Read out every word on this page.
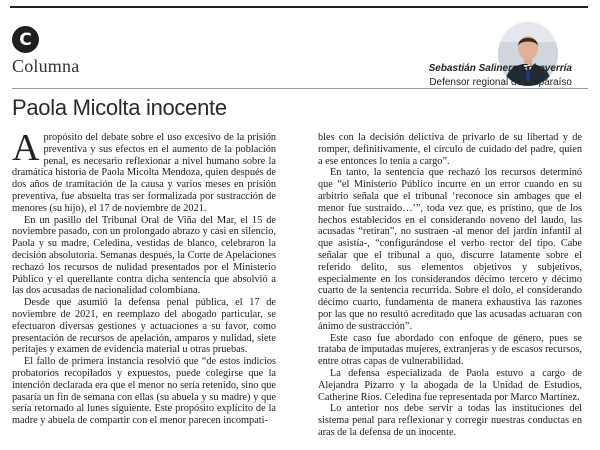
C
Columna	Sebastián Salinero Echeverría
Defensor regional de Valparaíso
Paola Micolta inocente

Apropósito del debate sobre el uso excesivo de la prisión preventiva y sus efectos en el aumento de la población penal, es necesario reflexionar a nivel humano sobre la dramática historia de Paola Micolta Mendoza, quien después de dos años de tramitación de la causa y varios meses en prisión preventiva, fue absuelta tras ser formalizada por sustracción de menores (su hijo), el 17 de noviembre de 2021.

En un pasillo del Tribunal Oral de Viña del Mar, el 15 de noviembre pasado, con un prolongado abrazo y casi en silencio, Paola y su madre, Celedina, vestidas de blanco, celebraron la decisión absolutoria. Semanas después, la Corte de Apelaciones rechazó los recursos de nulidad presentados por el Ministerio Público y el querellante contra dicha sentencia que absolvió a las dos acusadas de nacionalidad colombiana.

Desde que asumió la defensa penal pública, el 17 de noviembre de 2021, en reemplazo del abogado particular, se efectuaron diversas gestiones y actuaciones a su favor, como presentación de recursos de apelación, amparos y nulidad, siete peritajes y examen de evidencia material u otras pruebas.

El fallo de primera instancia resolvió que “de estos indicios probatorios recopilados y expuestos, puede colegirse que la intención declarada era que el menor no sería retenido, sino que pasaría un fin de semana con ellas (su abuela y su madre) y que sería retornado al lunes siguiente. Este propósito explícito de la madre y abuela de compartir con el menor parecen incompati-

bles con la decisión delictiva de privarlo de su libertad y de romper, definitivamente, el círculo de cuidado del padre, quien a ese entonces lo tenía a cargo”.

En tanto, la sentencia que rechazó los recursos determinó que “el Ministerio Público incurre en un error cuando en su arbitrio señala que el tribunal ‘reconoce sin ambages que el menor fue sustraído…’”, toda vez que, es prístino, que de los hechos establecidos en el considerando noveno del laudo, las acusadas “retiran”, no sustraen -al menor del jardín infantil al que asistía-, “configurándose el verbo rector del tipo. Cabe señalar que el tribunal a quo, discurre latamente sobre el referido delito, sus elementos objetivos y subjetivos, especialmente en los considerandos décimo tercero y décimo cuarto de la sentencia recurrida. Sobre el dolo, el considerando décimo cuarto, fundamenta de manera exhaustiva las razones por las que no resultó acreditado que las acusadas actuaran con ánimo de sustracción”.

Este caso fue abordado con enfoque de género, pues se trataba de imputadas mujeres, extranjeras y de escasos recursos, entre otras capas de vulnerabilidad.

La defensa especializada de Paola estuvo a cargo de Alejandra Pizarro y la abogada de la Unidad de Estudios, Catherine Ríos. Celedina fue representada por Marco Martínez.

Lo anterior nos debe servir a todas las instituciones del sistema penal para reflexionar y corregir nuestras conductas en aras de la defensa de un inocente.
